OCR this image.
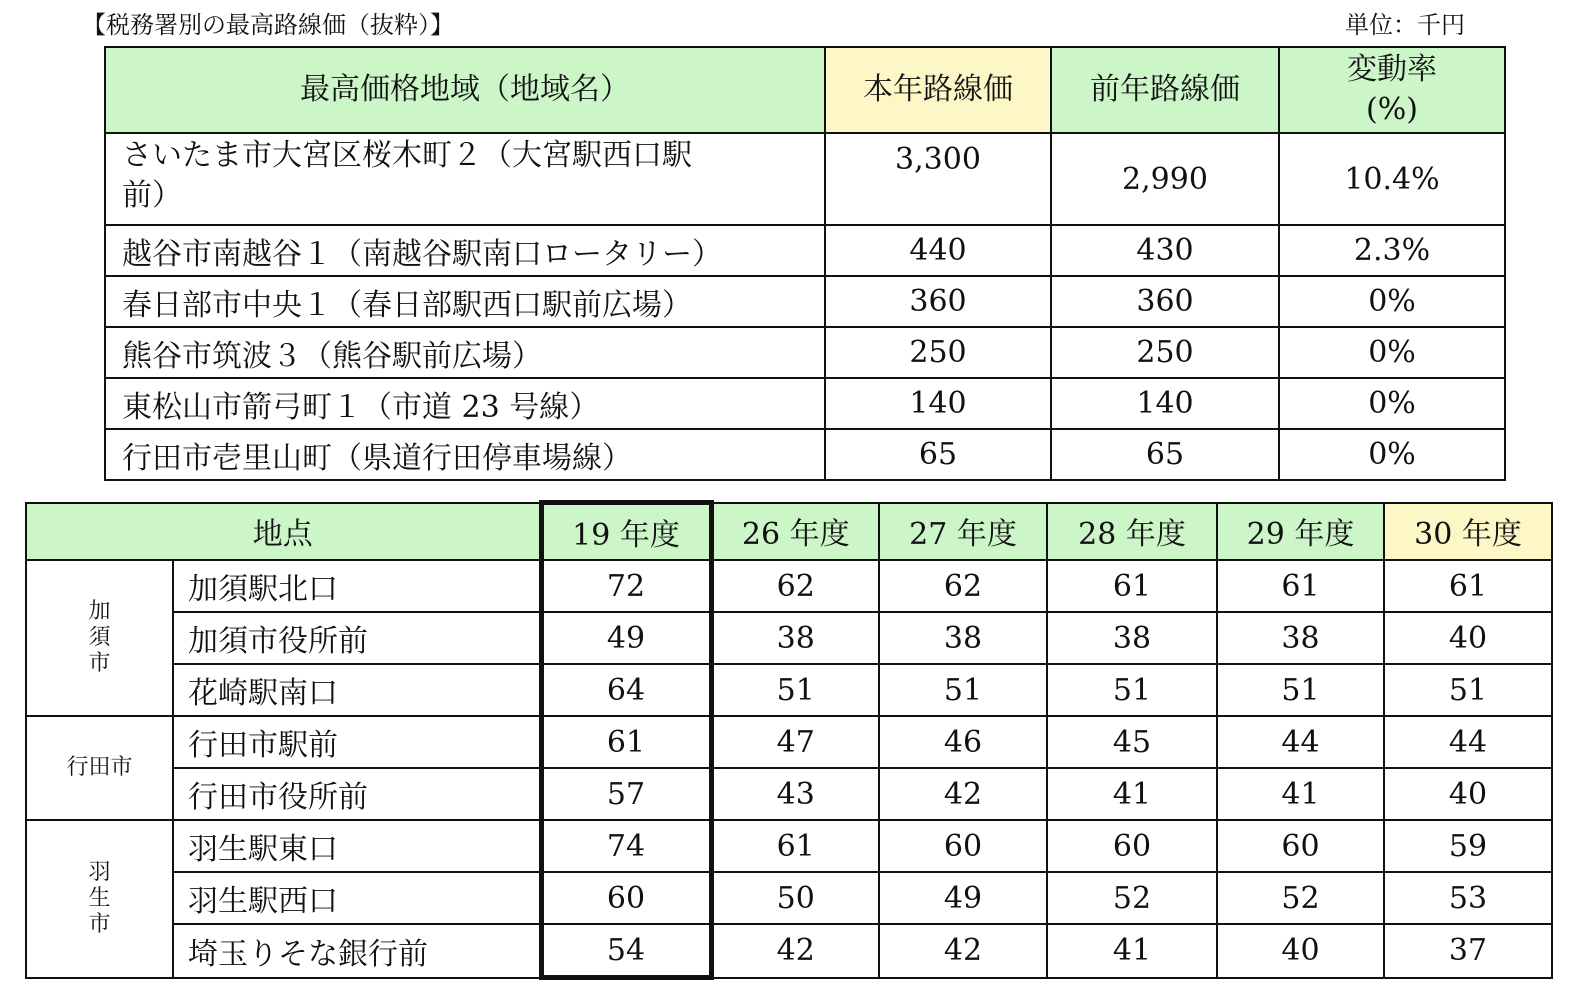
【税務署別の最高路線価（抜粋）】	単位：千円
最高価格地域（地域名）	本年路線価	前年路線価	変動率
(%)
さいたま市大宮区桜木町２（大宮駅西口駅
前）	3,300	2,990	10.4%
越谷市南越谷１（南越谷駅南口ロータリー）	440	430	2.3%
春日部市中央１（春日部駅西口駅前広場）	360	360	0%
熊谷市筑波３（熊谷駅前広場）	250	250	0%
東松山市箭弓町１（市道 23 号線）	140	140	0%
行田市壱里山町（県道行田停車場線）	65	65	0%
地点		19 年度	26 年度	27 年度	28 年度	29 年度	30 年度
加須市	加須駅北口	72	62	62	61	61	61
	加須市役所前	49	38	38	38	38	40
	花崎駅南口	64	51	51	51	51	51
行田市	行田市駅前	61	47	46	45	44	44
	行田市役所前	57	43	42	41	41	40
羽生市	羽生駅東口	74	61	60	60	60	59
	羽生駅西口	60	50	49	52	52	53
	埼玉りそな銀行前	54	42	42	41	40	37
